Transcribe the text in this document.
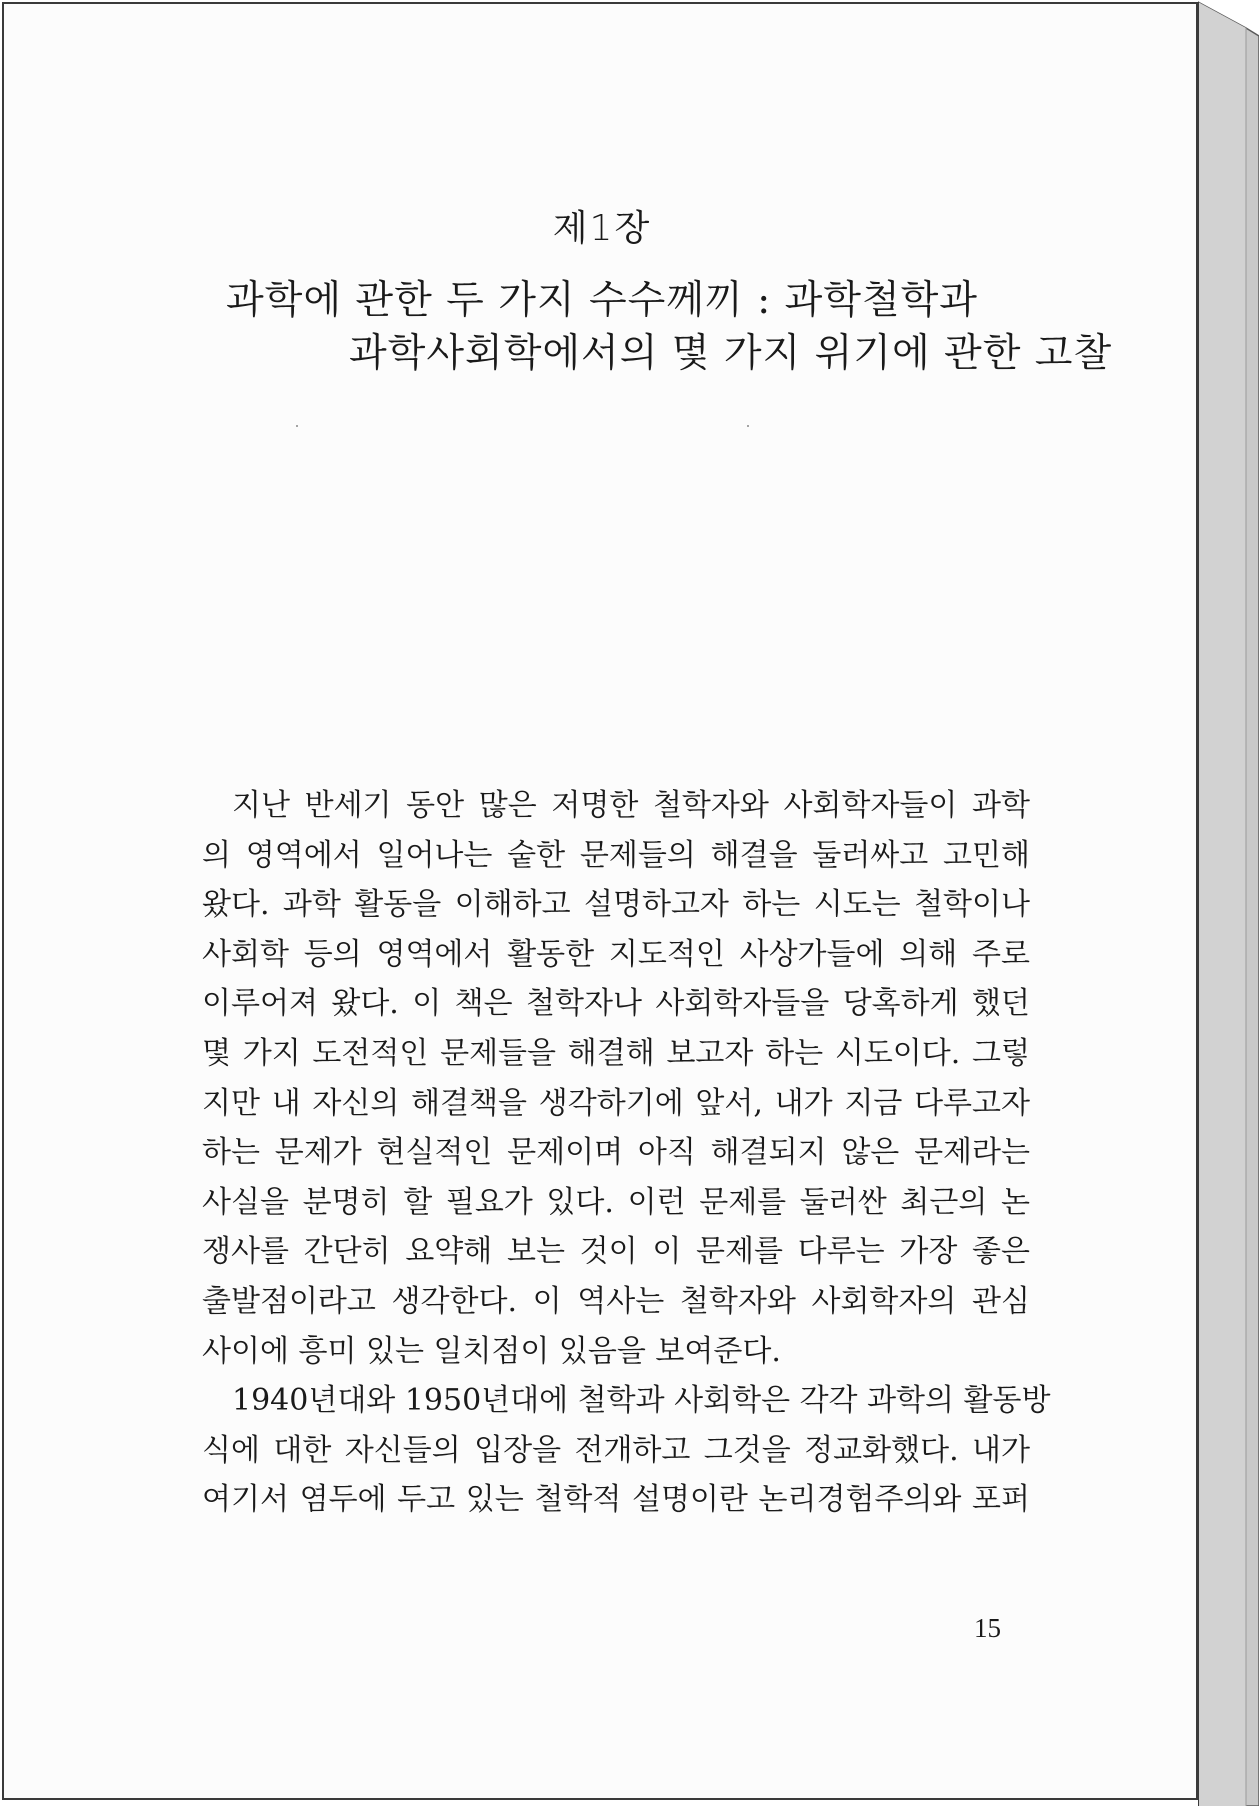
제1장
과학에 관한 두 가지 수수께끼 : 과학철학과
과학사회학에서의 몇 가지 위기에 관한 고찰
지난 반세기 동안 많은 저명한 철학자와 사회학자들이 과학
의 영역에서 일어나는 숱한 문제들의 해결을 둘러싸고 고민해
왔다. 과학 활동을 이해하고 설명하고자 하는 시도는 철학이나
사회학 등의 영역에서 활동한 지도적인 사상가들에 의해 주로
이루어져 왔다. 이 책은 철학자나 사회학자들을 당혹하게 했던
몇 가지 도전적인 문제들을 해결해 보고자 하는 시도이다. 그렇
지만 내 자신의 해결책을 생각하기에 앞서, 내가 지금 다루고자
하는 문제가 현실적인 문제이며 아직 해결되지 않은 문제라는
사실을 분명히 할 필요가 있다. 이런 문제를 둘러싼 최근의 논
쟁사를 간단히 요약해 보는 것이 이 문제를 다루는 가장 좋은
출발점이라고 생각한다. 이 역사는 철학자와 사회학자의 관심
사이에 흥미 있는 일치점이 있음을 보여준다.
1940년대와 1950년대에 철학과 사회학은 각각 과학의 활동방
식에 대한 자신들의 입장을 전개하고 그것을 정교화했다. 내가
여기서 염두에 두고 있는 철학적 설명이란 논리경험주의와 포퍼
15
